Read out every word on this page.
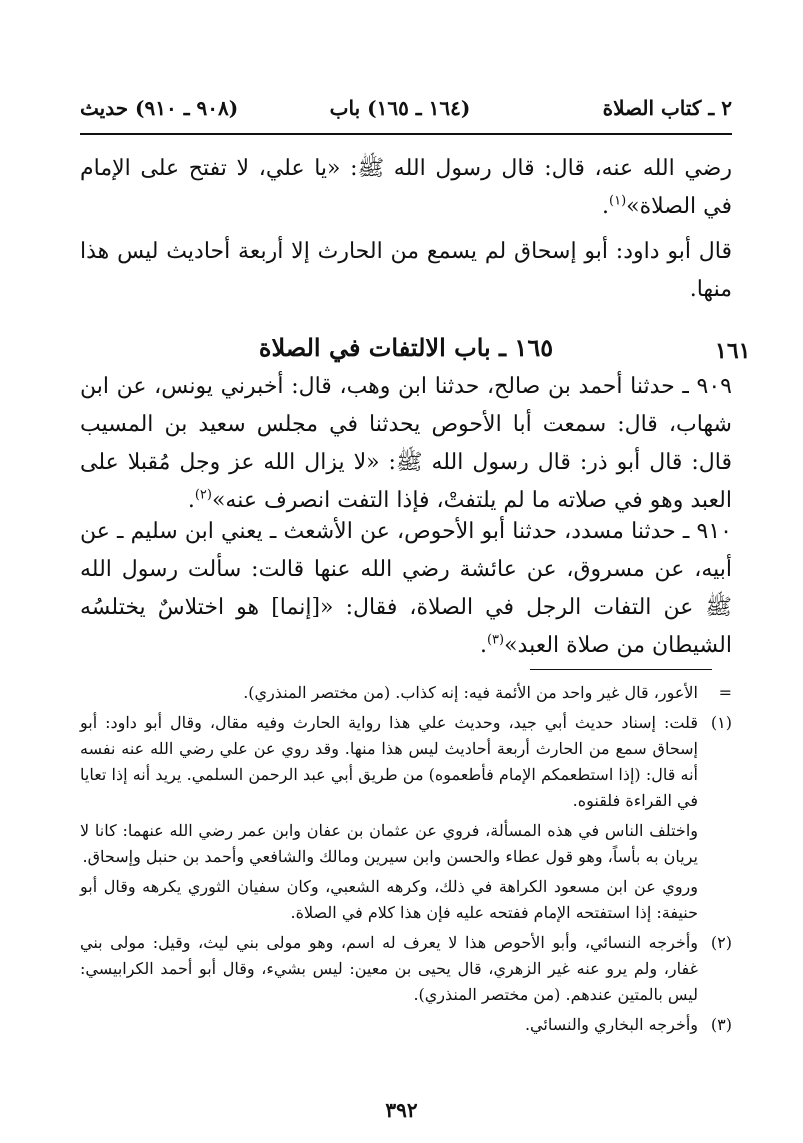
٢ ـ كتاب الصلاة
(١٦٤ ـ ١٦٥) باب
(٩٠٨ ـ ٩١٠) حديث

رضي الله عنه، قال: قال رسول الله ﷺ: «يا علي، لا تفتح على الإمام في الصلاة»$^{(١)}$.

قال أبو داود: أبو إسحاق لم يسمع من الحارث إلا أربعة أحاديث ليس هذا منها.

١٦١
١٦٥ ـ باب الالتفات في الصلاة

٩٠٩ ـ حدثنا أحمد بن صالح، حدثنا ابن وهب، قال: أخبرني يونس، عن ابن شهاب، قال: سمعت أبا الأحوص يحدثنا في مجلس سعيد بن المسيب قال: قال أبو ذر: قال رسول الله ﷺ: «لا يزال الله عز وجل مُقبلا على العبد وهو في صلاته ما لم يلتفتْ، فإذا التفت انصرف عنه»$^{(٢)}$.

٩١٠ ـ حدثنا مسدد، حدثنا أبو الأحوص، عن الأشعث ـ يعني ابن سليم ـ عن أبيه، عن مسروق، عن عائشة رضي الله عنها قالت: سألت رسول الله ﷺ عن التفات الرجل في الصلاة، فقال: «[إنما] هو اختلاسٌ يختلسُه الشيطان من صلاة العبد»$^{(٣)}$.

=
الأعور، قال غير واحد من الأئمة فيه: إنه كذاب. (من مختصر المنذري).

(١)
قلت: إسناد حديث أبي جيد، وحديث علي هذا رواية الحارث وفيه مقال، وقال أبو داود: أبو إسحاق سمع من الحارث أربعة أحاديث ليس هذا منها. وقد روي عن علي رضي الله عنه نفسه أنه قال: (إذا استطعمكم الإمام فأطعموه) من طريق أبي عبد الرحمن السلمي. يريد أنه إذا تعايا في القراءة فلقنوه.

واختلف الناس في هذه المسألة، فروي عن عثمان بن عفان وابن عمر رضي الله عنهما: كانا لا يريان به بأساً، وهو قول عطاء والحسن وابن سيرين ومالك والشافعي وأحمد بن حنبل وإسحاق.

وروي عن ابن مسعود الكراهة في ذلك، وكرهه الشعبي، وكان سفيان الثوري يكرهه وقال أبو حنيفة: إذا استفتحه الإمام ففتحه عليه فإن هذا كلام في الصلاة.

(٢)
وأخرجه النسائي، وأبو الأحوص هذا لا يعرف له اسم، وهو مولى بني ليث، وقيل: مولى بني غفار، ولم يرو عنه غير الزهري، قال يحيى بن معين: ليس بشيء، وقال أبو أحمد الكرابيسي: ليس بالمتين عندهم. (من مختصر المنذري).

(٣)
وأخرجه البخاري والنسائي.

٣٩٢
